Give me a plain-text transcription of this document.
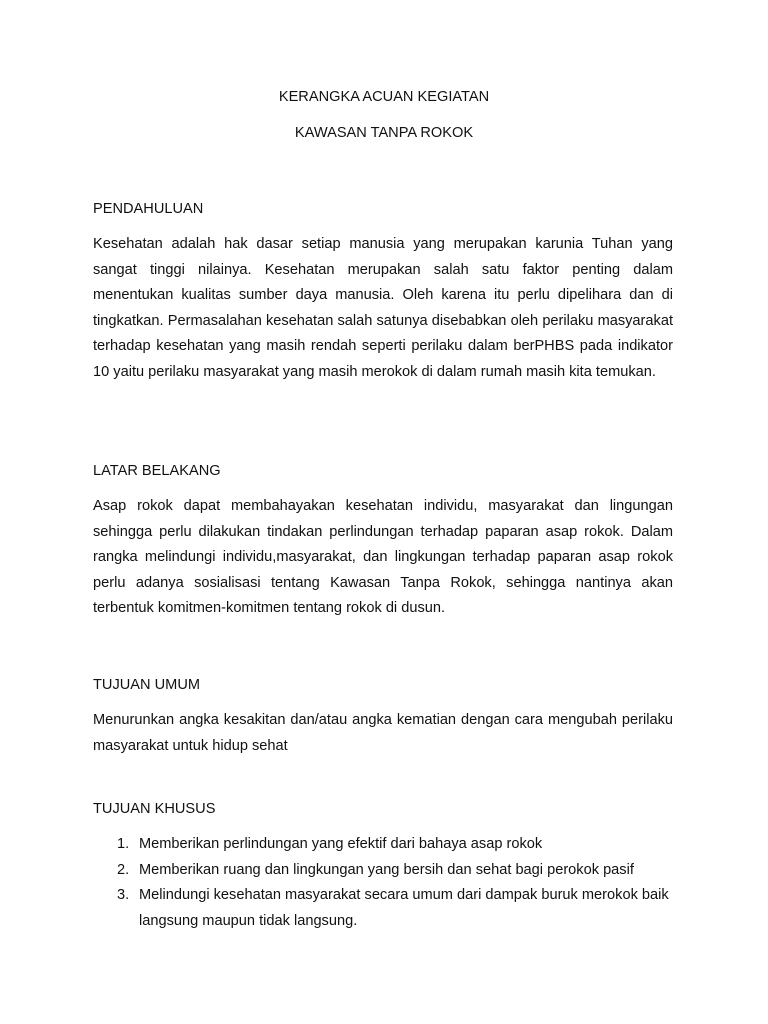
KERANGKA ACUAN KEGIATAN
KAWASAN TANPA ROKOK
PENDAHULUAN
Kesehatan adalah hak dasar setiap manusia yang merupakan karunia Tuhan yang sangat tinggi nilainya. Kesehatan merupakan salah satu faktor penting dalam menentukan kualitas sumber daya manusia. Oleh karena itu perlu dipelihara dan di tingkatkan. Permasalahan kesehatan salah satunya disebabkan oleh perilaku masyarakat terhadap kesehatan yang masih rendah seperti perilaku dalam berPHBS pada indikator 10 yaitu perilaku masyarakat yang masih merokok di dalam rumah masih kita temukan.
LATAR BELAKANG
Asap rokok dapat membahayakan kesehatan individu, masyarakat dan lingungan sehingga perlu dilakukan tindakan perlindungan terhadap paparan asap rokok. Dalam rangka melindungi individu,masyarakat, dan lingkungan terhadap paparan asap rokok perlu adanya sosialisasi tentang Kawasan Tanpa Rokok, sehingga nantinya akan terbentuk komitmen-komitmen tentang rokok di dusun.
TUJUAN UMUM
Menurunkan angka kesakitan dan/atau angka kematian dengan cara mengubah perilaku masyarakat untuk hidup sehat
TUJUAN KHUSUS
1. Memberikan perlindungan yang efektif dari bahaya asap rokok
2. Memberikan ruang dan lingkungan yang bersih dan sehat bagi perokok pasif
3. Melindungi kesehatan masyarakat secara umum dari dampak buruk merokok baik langsung maupun tidak langsung.
